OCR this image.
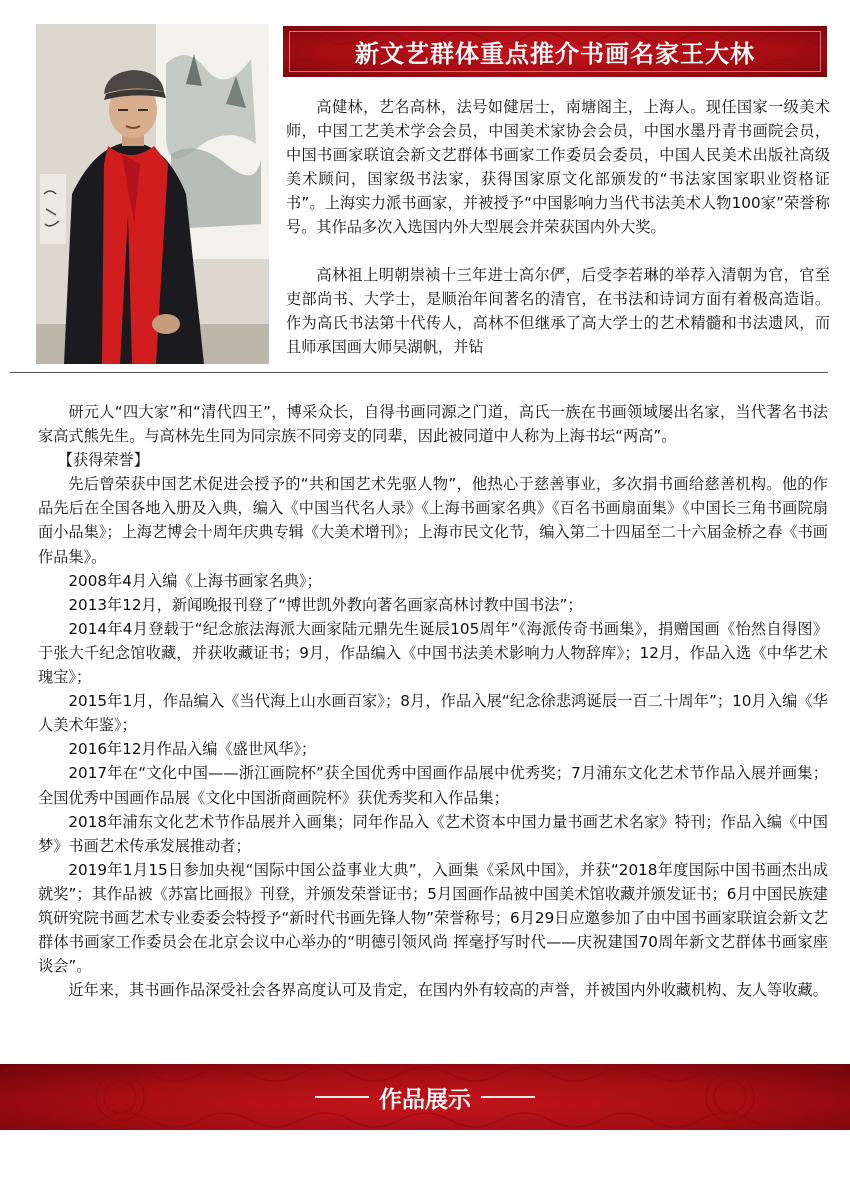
新文艺群体重点推介书画名家王大林

高健林，艺名高林，法号如健居士，南塘阁主，上海人。现任国家一级美术师，中国工艺美术学会会员，中国美术家协会会员，中国水墨丹青书画院会员，中国书画家联谊会新文艺群体书画家工作委员会委员，中国人民美术出版社高级美术顾问，国家级书法家，获得国家原文化部颁发的“书法家国家职业资格证书”。上海实力派书画家，并被授予“中国影响力当代书法美术人物100家”荣誉称号。其作品多次入选国内外大型展会并荣获国内外大奖。

高林祖上明朝崇祯十三年进士高尔俨，后受李若琳的举荐入清朝为官，官至吏部尚书、大学士，是顺治年间著名的清官，在书法和诗词方面有着极高造诣。作为高氏书法第十代传人，高林不但继承了高大学士的艺术精髓和书法遗风，而且师承国画大师吴湖帆，并钻

研元人“四大家”和“清代四王”，博采众长，自得书画同源之门道，高氏一族在书画领域屡出名家，当代著名书法家高式熊先生。与高林先生同为同宗族不同旁支的同辈，因此被同道中人称为上海书坛“两高”。

【获得荣誉】

先后曾荣获中国艺术促进会授予的“共和国艺术先驱人物”，他热心于慈善事业，多次捐书画给慈善机构。他的作品先后在全国各地入册及入典，编入《中国当代名人录》《上海书画家名典》《百名书画扇面集》《中国长三角书画院扇面小品集》；上海艺博会十周年庆典专辑《大美术增刊》；上海市民文化节，编入第二十四届至二十六届金桥之春《书画作品集》。

2008年4月入编《上海书画家名典》；

2013年12月，新闻晚报刊登了“博世凯外教向著名画家高林讨教中国书法”；

2014年4月登载于“纪念旅法海派大画家陆元鼎先生诞辰105周年”《海派传奇书画集》，捐赠国画《怡然自得图》于张大千纪念馆收藏，并获收藏证书；9月，作品编入《中国书法美术影响力人物辞库》；12月，作品入选《中华艺术瑰宝》；

2015年1月，作品编入《当代海上山水画百家》；8月，作品入展“纪念徐悲鸿诞辰一百二十周年”；10月入编《华人美术年鉴》；

2016年12月作品入编《盛世风华》；

2017年在“文化中国——浙江画院杯”获全国优秀中国画作品展中优秀奖；7月浦东文化艺术节作品入展并画集；全国优秀中国画作品展《文化中国浙商画院杯》获优秀奖和入作品集；

2018年浦东文化艺术节作品展并入画集；同年作品入《艺术资本中国力量书画艺术名家》特刊；作品入编《中国梦》书画艺术传承发展推动者；

2019年1月15日参加央视“国际中国公益事业大典”，入画集《采风中国》，并获“2018年度国际中国书画杰出成就奖”；其作品被《苏富比画报》刊登，并颁发荣誉证书；5月国画作品被中国美术馆收藏并颁发证书；6月中国民族建筑研究院书画艺术专业委委会特授予“新时代书画先锋人物”荣誉称号；6月29日应邀参加了由中国书画家联谊会新文艺群体书画家工作委员会在北京会议中心举办的“明德引领风尚 挥毫抒写时代——庆祝建国70周年新文艺群体书画家座谈会”。

近年来，其书画作品深受社会各界高度认可及肯定，在国内外有较高的声誉，并被国内外收藏机构、友人等收藏。

作品展示
